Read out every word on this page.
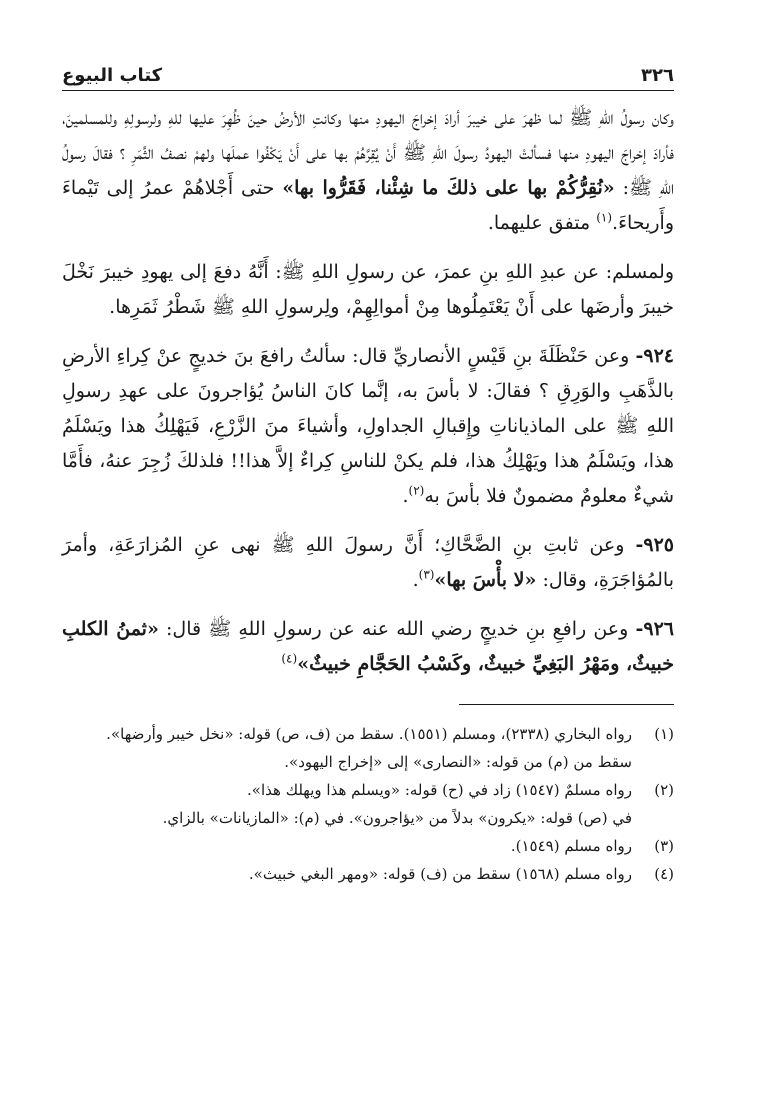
٣٢٦
كتاب البيوع

وكان رسولُ اللهِ ﷺ لما ظهرَ على خيبرَ أرادَ إخراجَ اليهودِ منها وكانتِ الأرضُ حينَ ظُهِرَ عليها للهِ ولرسولِهِ وللمسلمينَ، فأرادَ إخراجَ اليهودِ منها فسألتْ اليهودُ رسولَ اللهِ ﷺ أَنْ يُقِرَّهُمْ بها على أَنْ يَكْفُوا عملَها ولهمْ نصفُ الثَّمَرِ ؟ فقالَ رسولُ اللهِ ﷺ: «نُقِرُّكُمْ بها على ذلكَ ما شِئْنا، فَقَرُّوا بها» حتى أَجْلاهُمْ عمرُ إلى تَيْماءَ وأَريحاءَ.$^{(١)}$ متفق عليهما.

ولمسلم: عن عبدِ اللهِ بنِ عمرَ، عن رسولِ اللهِ ﷺ: أَنَّهُ دفعَ إلى يهودِ خيبرَ نَخْلَ خيبرَ وأرضَها على أَنْ يَعْتَمِلُوها مِنْ أموالِهِمْ، ولِرسولِ اللهِ ﷺ شَطْرُ ثَمَرِها.

٩٢٤- وعن حَنْظَلَةَ بنِ قَيْسٍ الأنصاريِّ قال: سألتُ رافعَ بنَ خديجٍ عنْ كِراءِ الأرضِ بالذَّهَبِ والوَرِقِ ؟ فقالَ: لا بأسَ به، إنَّما كانَ الناسُ يُؤاجرونَ على عهدِ رسولِ اللهِ ﷺ على الماذياناتِ وإِقبالِ الجداولِ، وأشياءَ منَ الزَّرْعِ، فَيَهْلِكُ هذا ويَسْلَمُ هذا، ويَسْلَمُ هذا ويَهْلِكُ هذا، فلم يكنْ للناسِ كِراءٌ إلاَّ هذا!! فلذلكَ زُجِرَ عنهُ، فأَمَّا شيءٌ معلومٌ مضمونٌ فلا بأسَ به$^{(٢)}$.

٩٢٥- وعن ثابتِ بنِ الضَّحَّاكِ؛ أَنَّ رسولَ اللهِ ﷺ نهى عنِ المُزارَعَةِ، وأمرَ بالمُؤاجَرَةِ، وقال: «لا بأْسَ بها»$^{(٣)}$.

٩٢٦- وعن رافعِ بنِ خديجٍ رضي الله عنه عن رسولِ اللهِ ﷺ قال: «ثمنُ الكلبِ خبيثٌ، ومَهْرُ البَغِيِّ خبيثٌ، وكَسْبُ الحَجَّامِ خبيثٌ»$^{(٤)}$

(١)
رواه البخاري (٢٣٣٨)، ومسلم (١٥٥١). سقط من (ف، ص) قوله: «نخل خيبر وأرضها».
سقط من (م) من قوله: «النصارى» إلى «إخراج اليهود».
(٢)
رواه مسلمٌ (١٥٤٧) زاد في (ح) قوله: «ويسلم هذا ويهلك هذا».
في (ص) قوله: «يكرون» بدلاً من «يؤاجرون». في (م): «المازيانات» بالزاي.
(٣)
رواه مسلم (١٥٤٩).
(٤)
رواه مسلم (١٥٦٨) سقط من (ف) قوله: «ومهر البغي خبيث».
